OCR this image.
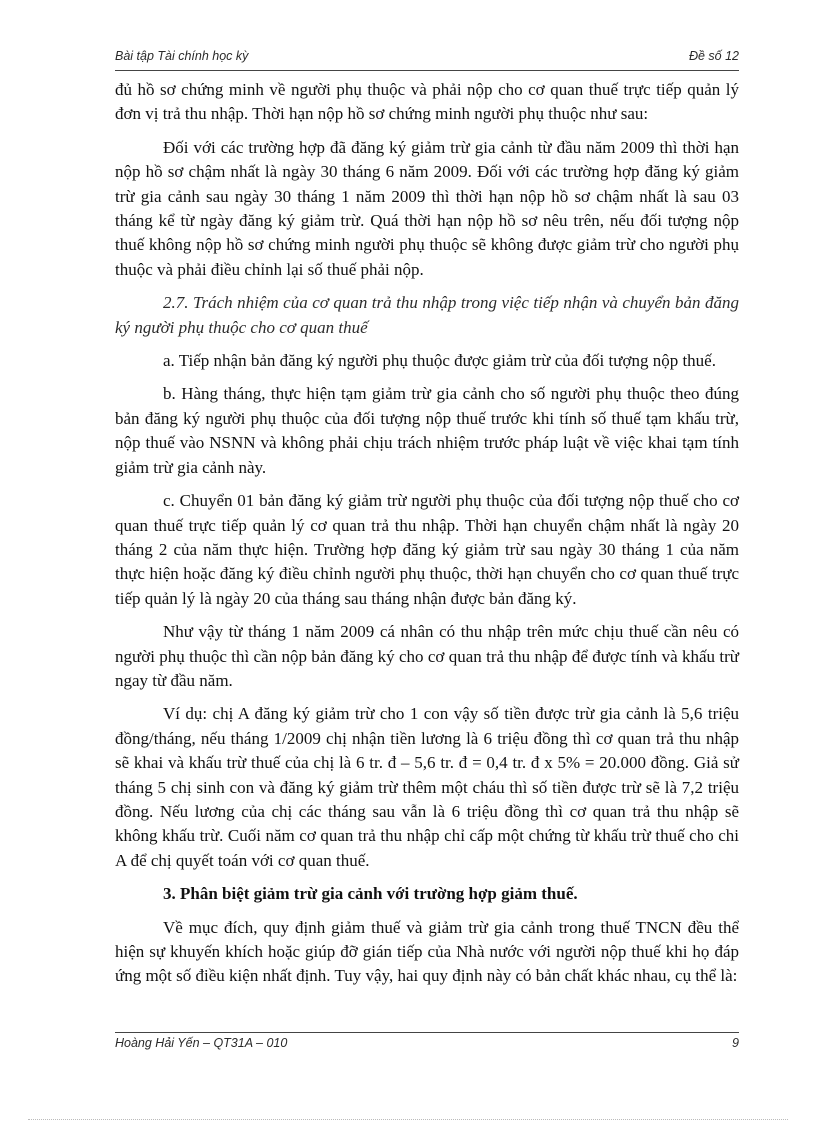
Bài tập Tài chính học kỳ	Đề số 12

đủ hồ sơ chứng minh về người phụ thuộc và phải nộp cho cơ quan thuế trực tiếp quản lý đơn vị trả thu nhập. Thời hạn nộp hồ sơ chứng minh người phụ thuộc như sau:

Đối với các trường hợp đã đăng ký giảm trừ gia cảnh từ đầu năm 2009 thì thời hạn nộp hồ sơ chậm nhất là ngày 30 tháng 6 năm 2009. Đối với các trường hợp đăng ký giảm trừ gia cảnh sau ngày 30 tháng 1 năm 2009 thì thời hạn nộp hồ sơ chậm nhất là sau 03 tháng kể từ ngày đăng ký giảm trừ. Quá thời hạn nộp hồ sơ nêu trên, nếu đối tượng nộp thuế không nộp hồ sơ chứng minh người phụ thuộc sẽ không được giảm trừ cho người phụ thuộc và phải điều chỉnh lại số thuế phải nộp.

2.7. Trách nhiệm của cơ quan trả thu nhập trong việc tiếp nhận và chuyển bản đăng ký người phụ thuộc cho cơ quan thuế

a. Tiếp nhận bản đăng ký người phụ thuộc được giảm trừ của đối tượng nộp thuế.

b. Hàng tháng, thực hiện tạm giảm trừ gia cảnh cho số người phụ thuộc theo đúng bản đăng ký người phụ thuộc của đối tượng nộp thuế trước khi tính số thuế tạm khấu trừ, nộp thuế vào NSNN và không phải chịu trách nhiệm trước pháp luật về việc khai tạm tính giảm trừ gia cảnh này.

c. Chuyển 01 bản đăng ký giảm trừ người phụ thuộc của đối tượng nộp thuế cho cơ quan thuế trực tiếp quản lý cơ quan trả thu nhập. Thời hạn chuyển chậm nhất là ngày 20 tháng 2 của năm thực hiện. Trường hợp đăng ký giảm trừ sau ngày 30 tháng 1 của năm thực hiện hoặc đăng ký điều chỉnh người phụ thuộc, thời hạn chuyển cho cơ quan thuế trực tiếp quản lý là ngày 20 của tháng sau tháng nhận được bản đăng ký.

Như vậy từ tháng 1 năm 2009 cá nhân có thu nhập trên mức chịu thuế cần nêu có người phụ thuộc thì cần nộp bản đăng ký cho cơ quan trả thu nhập để được tính và khấu trừ ngay từ đầu năm.

Ví dụ: chị A đăng ký giảm trừ cho 1 con vậy số tiền được trừ gia cảnh là 5,6 triệu đồng/tháng, nếu tháng 1/2009 chị nhận tiền lương là 6 triệu đồng thì cơ quan trả thu nhập sẽ khai và khấu trừ thuế của chị là 6 tr. đ – 5,6 tr. đ = 0,4 tr. đ x 5% = 20.000 đồng. Giả sử tháng 5 chị sinh con và đăng ký giảm trừ thêm một cháu thì số tiền được trừ sẽ là 7,2 triệu đồng. Nếu lương của chị các tháng sau vẫn là 6 triệu đồng thì cơ quan trả thu nhập sẽ không khấu trừ. Cuối năm cơ quan trả thu nhập chỉ cấp một chứng từ khấu trừ thuế cho chi A để chị quyết toán với cơ quan thuế.

3. Phân biệt giảm trừ gia cảnh với trường hợp giảm thuế.

Về mục đích, quy định giảm thuế và giảm trừ gia cảnh trong thuế TNCN đều thể hiện sự khuyến khích hoặc giúp đỡ gián tiếp của Nhà nước với người nộp thuế khi họ đáp ứng một số điều kiện nhất định. Tuy vậy, hai quy định này có bản chất khác nhau, cụ thể là:

Hoàng Hải Yến – QT31A – 010	9
